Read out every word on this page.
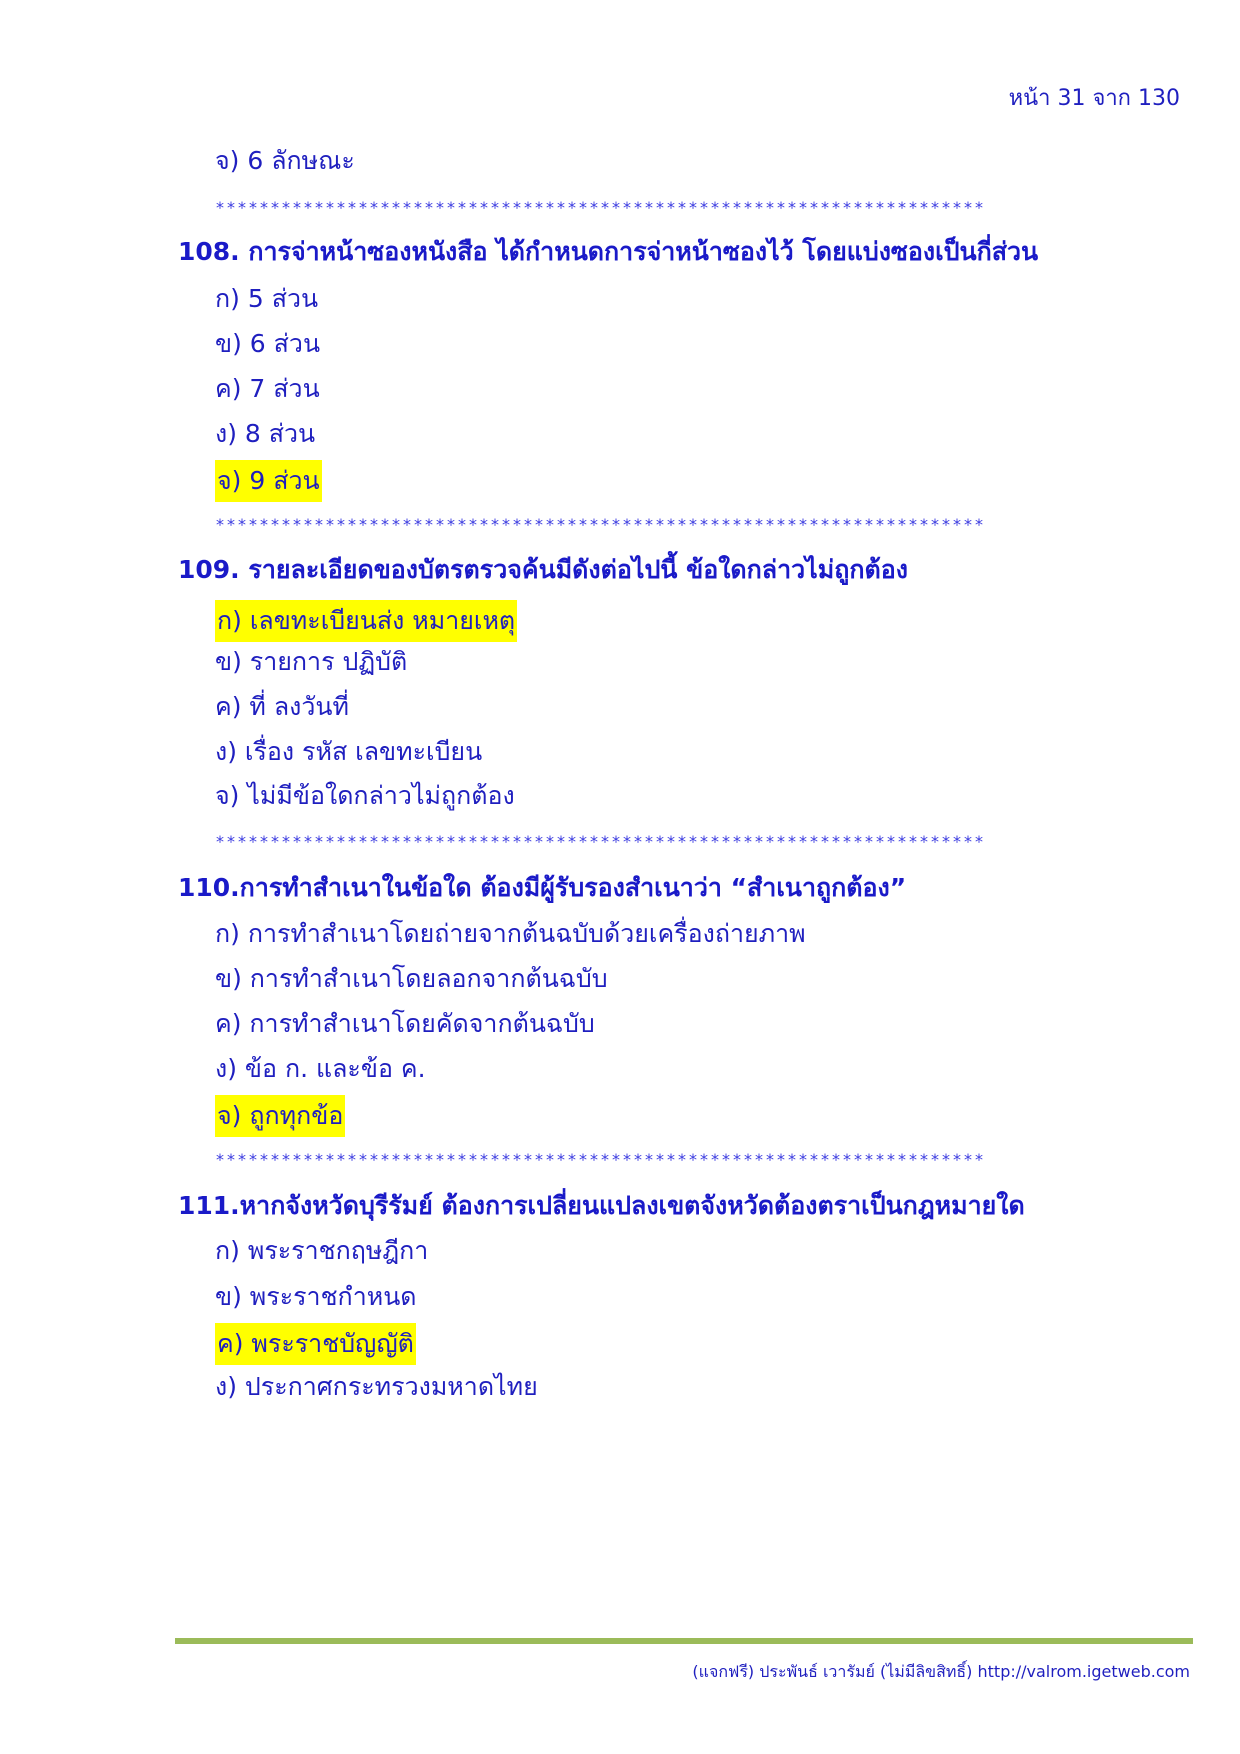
หน้า 31 จาก 130
จ) 6 ลักษณะ
**********************************************************************
108. การจ่าหน้าซองหนังสือ ได้กำหนดการจ่าหน้าซองไว้ โดยแบ่งซองเป็นกี่ส่วน
ก) 5 ส่วน
ข) 6 ส่วน
ค) 7 ส่วน
ง) 8 ส่วน
จ) 9 ส่วน
**********************************************************************
109. รายละเอียดของบัตรตรวจค้นมีดังต่อไปนี้ ข้อใดกล่าวไม่ถูกต้อง
ก) เลขทะเบียนส่ง หมายเหตุ
ข) รายการ ปฏิบัติ
ค) ที่ ลงวันที่
ง) เรื่อง รหัส เลขทะเบียน
จ) ไม่มีข้อใดกล่าวไม่ถูกต้อง
**********************************************************************
110.การทำสำเนาในข้อใด ต้องมีผู้รับรองสำเนาว่า “สำเนาถูกต้อง”
ก) การทำสำเนาโดยถ่ายจากต้นฉบับด้วยเครื่องถ่ายภาพ
ข) การทำสำเนาโดยลอกจากต้นฉบับ
ค) การทำสำเนาโดยคัดจากต้นฉบับ
ง) ข้อ ก. และข้อ ค.
จ) ถูกทุกข้อ
**********************************************************************
111.หากจังหวัดบุรีรัมย์ ต้องการเปลี่ยนแปลงเขตจังหวัดต้องตราเป็นกฎหมายใด
ก) พระราชกฤษฎีกา
ข) พระราชกำหนด
ค) พระราชบัญญัติ
ง) ประกาศกระทรวงมหาดไทย
(แจกฟรี) ประพันธ์ เวารัมย์ (ไม่มีลิขสิทธิ์) http://valrom.igetweb.com
